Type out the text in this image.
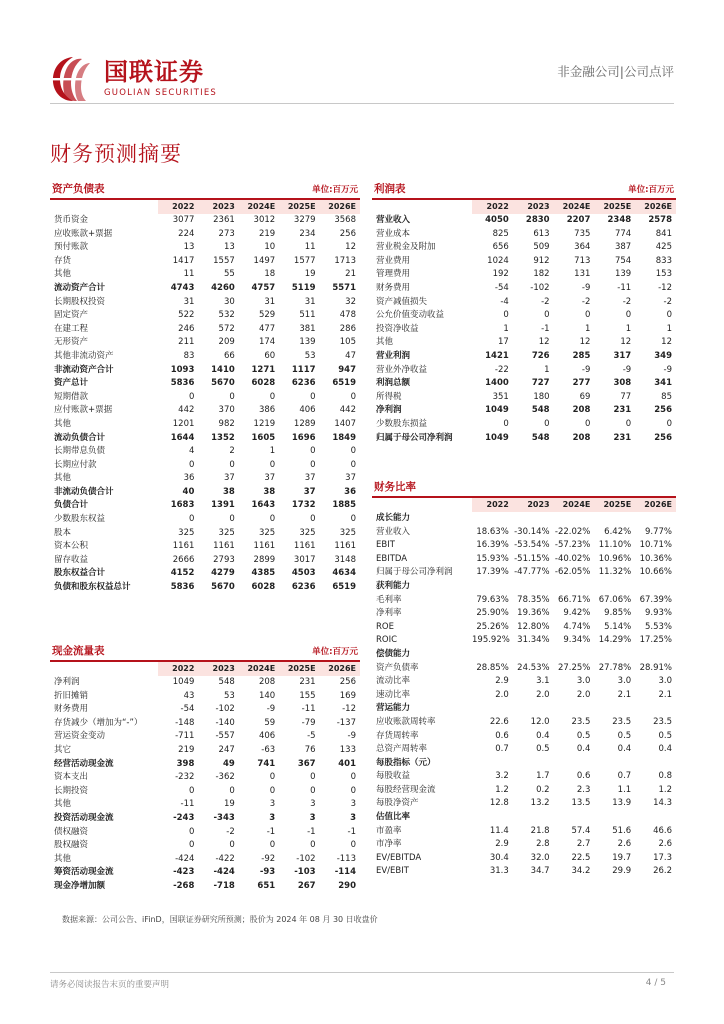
国联证券
GUOLIAN SECURITIES
非金融公司|公司点评
财务预测摘要
资产负债表	单位:百万元
	2022	2023	2024E	2025E	2026E
货币资金	3077	2361	3012	3279	3568
应收账款+票据	224	273	219	234	256
预付账款	13	13	10	11	12
存货	1417	1557	1497	1577	1713
其他	11	55	18	19	21
流动资产合计	4743	4260	4757	5119	5571
长期股权投资	31	30	31	31	32
固定资产	522	532	529	511	478
在建工程	246	572	477	381	286
无形资产	211	209	174	139	105
其他非流动资产	83	66	60	53	47
非流动资产合计	1093	1410	1271	1117	947
资产总计	5836	5670	6028	6236	6519
短期借款	0	0	0	0	0
应付账款+票据	442	370	386	406	442
其他	1201	982	1219	1289	1407
流动负债合计	1644	1352	1605	1696	1849
长期带息负债	4	2	1	0	0
长期应付款	0	0	0	0	0
其他	36	37	37	37	37
非流动负债合计	40	38	38	37	36
负债合计	1683	1391	1643	1732	1885
少数股东权益	0	0	0	0	0
股本	325	325	325	325	325
资本公积	1161	1161	1161	1161	1161
留存收益	2666	2793	2899	3017	3148
股东权益合计	4152	4279	4385	4503	4634
负债和股东权益总计	5836	5670	6028	6236	6519
利润表	单位:百万元
	2022	2023	2024E	2025E	2026E
营业收入	4050	2830	2207	2348	2578
营业成本	825	613	735	774	841
营业税金及附加	656	509	364	387	425
营业费用	1024	912	713	754	833
管理费用	192	182	131	139	153
财务费用	-54	-102	-9	-11	-12
资产减值损失	-4	-2	-2	-2	-2
公允价值变动收益	0	0	0	0	0
投资净收益	1	-1	1	1	1
其他	17	12	12	12	12
营业利润	1421	726	285	317	349
营业外净收益	-22	1	-9	-9	-9
利润总额	1400	727	277	308	341
所得税	351	180	69	77	85
净利润	1049	548	208	231	256
少数股东损益	0	0	0	0	0
归属于母公司净利润	1049	548	208	231	256
财务比率
	2022	2023	2024E	2025E	2026E
成长能力					
营业收入	18.63%	-30.14%	-22.02%	6.42%	9.77%
EBIT	16.39%	-53.54%	-57.23%	11.10%	10.71%
EBITDA	15.93%	-51.15%	-40.02%	10.96%	10.36%
归属于母公司净利润	17.39%	-47.77%	-62.05%	11.32%	10.66%
获利能力					
毛利率	79.63%	78.35%	66.71%	67.06%	67.39%
净利率	25.90%	19.36%	9.42%	9.85%	9.93%
ROE	25.26%	12.80%	4.74%	5.14%	5.53%
ROIC	195.92%	31.34%	9.34%	14.29%	17.25%
偿债能力					
资产负债率	28.85%	24.53%	27.25%	27.78%	28.91%
流动比率	2.9	3.1	3.0	3.0	3.0
速动比率	2.0	2.0	2.0	2.1	2.1
营运能力					
应收账款周转率	22.6	12.0	23.5	23.5	23.5
存货周转率	0.6	0.4	0.5	0.5	0.5
总资产周转率	0.7	0.5	0.4	0.4	0.4
每股指标（元）					
每股收益	3.2	1.7	0.6	0.7	0.8
每股经营现金流	1.2	0.2	2.3	1.1	1.2
每股净资产	12.8	13.2	13.5	13.9	14.3
估值比率					
市盈率	11.4	21.8	57.4	51.6	46.6
市净率	2.9	2.8	2.7	2.6	2.6
EV/EBITDA	30.4	32.0	22.5	19.7	17.3
EV/EBIT	31.3	34.7	34.2	29.9	26.2
现金流量表	单位:百万元
	2022	2023	2024E	2025E	2026E
净利润	1049	548	208	231	256
折旧摊销	43	53	140	155	169
财务费用	-54	-102	-9	-11	-12
存货减少（增加为“-”）	-148	-140	59	-79	-137
营运资金变动	-711	-557	406	-5	-9
其它	219	247	-63	76	133
经营活动现金流	398	49	741	367	401
资本支出	-232	-362	0	0	0
长期投资	0	0	0	0	0
其他	-11	19	3	3	3
投资活动现金流	-243	-343	3	3	3
债权融资	0	-2	-1	-1	-1
股权融资	0	0	0	0	0
其他	-424	-422	-92	-102	-113
筹资活动现金流	-423	-424	-93	-103	-114
现金净增加额	-268	-718	651	267	290
数据来源：公司公告、iFinD，国联证券研究所预测；股价为 2024 年 08 月 30 日收盘价
请务必阅读报告末页的重要声明	4 / 5
